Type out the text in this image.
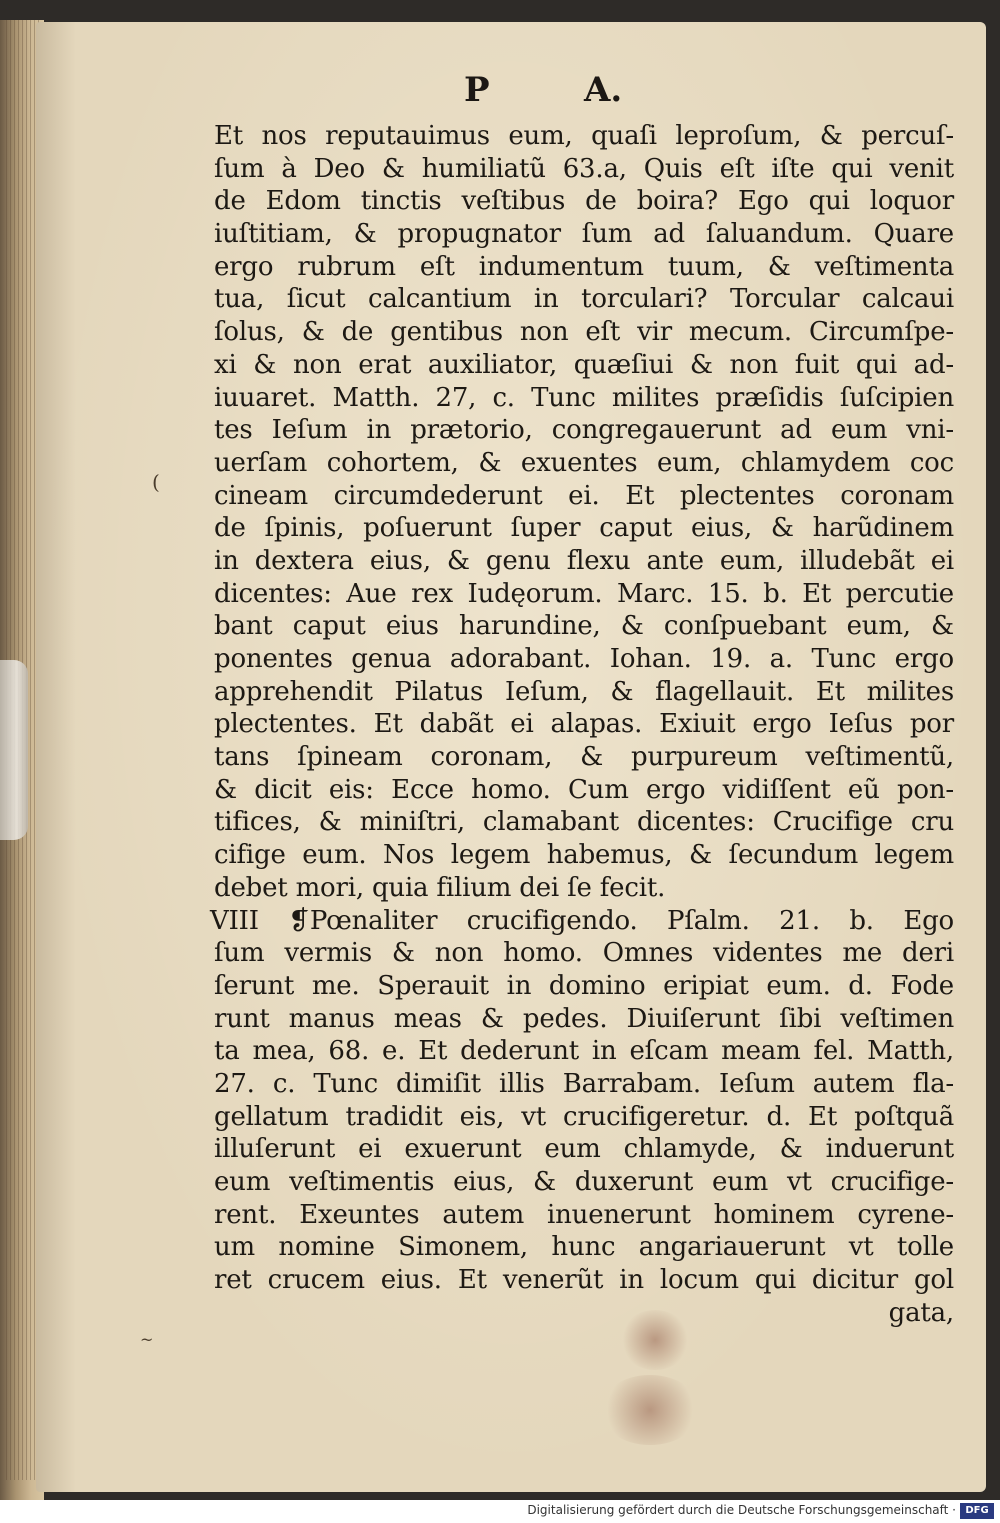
(
~
P	A.
Et nos reputauimus eum, quaſi leproſum, & percuſ-
ſum à Deo & humiliatũ 63.a, Quis eſt iſte qui venit
de Edom tinctis veſtibus de boira? Ego qui loquor
iuſtitiam, & propugnator ſum ad ſaluandum. Quare
ergo rubrum eſt indumentum tuum, & veſtimenta
tua, ſicut calcantium in torculari? Torcular calcaui
ſolus, & de gentibus non eſt vir mecum. Circumſpe-
xi & non erat auxiliator, quæſiui & non fuit qui ad-
iuuaret. Matth. 27, c. Tunc milites præſidis ſuſcipien
tes Ieſum in prætorio, congregauerunt ad eum vni-
uerſam cohortem, & exuentes eum, chlamydem coc
cineam circumdederunt ei. Et plectentes coronam
de ſpinis, poſuerunt ſuper caput eius, & harũdinem
in dextera eius, & genu flexu ante eum, illudebãt ei
dicentes: Aue rex Iudęorum. Marc. 15. b. Et percutie
bant caput eius harundine, & conſpuebant eum, &
ponentes genua adorabant. Iohan. 19. a. Tunc ergo
apprehendit Pilatus Ieſum, & flagellauit. Et milites
plectentes. Et dabãt ei alapas. Exiuit ergo Ieſus por
tans ſpineam coronam, & purpureum veſtimentũ,
& dicit eis: Ecce homo. Cum ergo vidiſſent eũ pon-
tifices, & miniſtri, clamabant dicentes: Crucifige cru
cifige eum. Nos legem habemus, & ſecundum legem
debet mori, quia filium dei ſe fecit.
VIII ❡Pœnaliter crucifigendo. Pſalm. 21. b. Ego
ſum vermis & non homo. Omnes videntes me deri
ſerunt me. Sperauit in domino eripiat eum. d. Fode
runt manus meas & pedes. Diuiſerunt ſibi veſtimen
ta mea, 68. e. Et dederunt in eſcam meam fel. Matth,
27. c. Tunc dimiſit illis Barrabam. Ieſum autem fla-
gellatum tradidit eis, vt crucifigeretur. d. Et poſtquã
illuſerunt ei exuerunt eum chlamyde, & induerunt
eum veſtimentis eius, & duxerunt eum vt crucifige-
rent. Exeuntes autem inuenerunt hominem cyrene-
um nomine Simonem, hunc angariauerunt vt tolle
ret crucem eius. Et venerũt in locum qui dicitur gol
gata,
Digitalisierung gefördert durch die Deutsche Forschungsgemeinschaft · DFG
